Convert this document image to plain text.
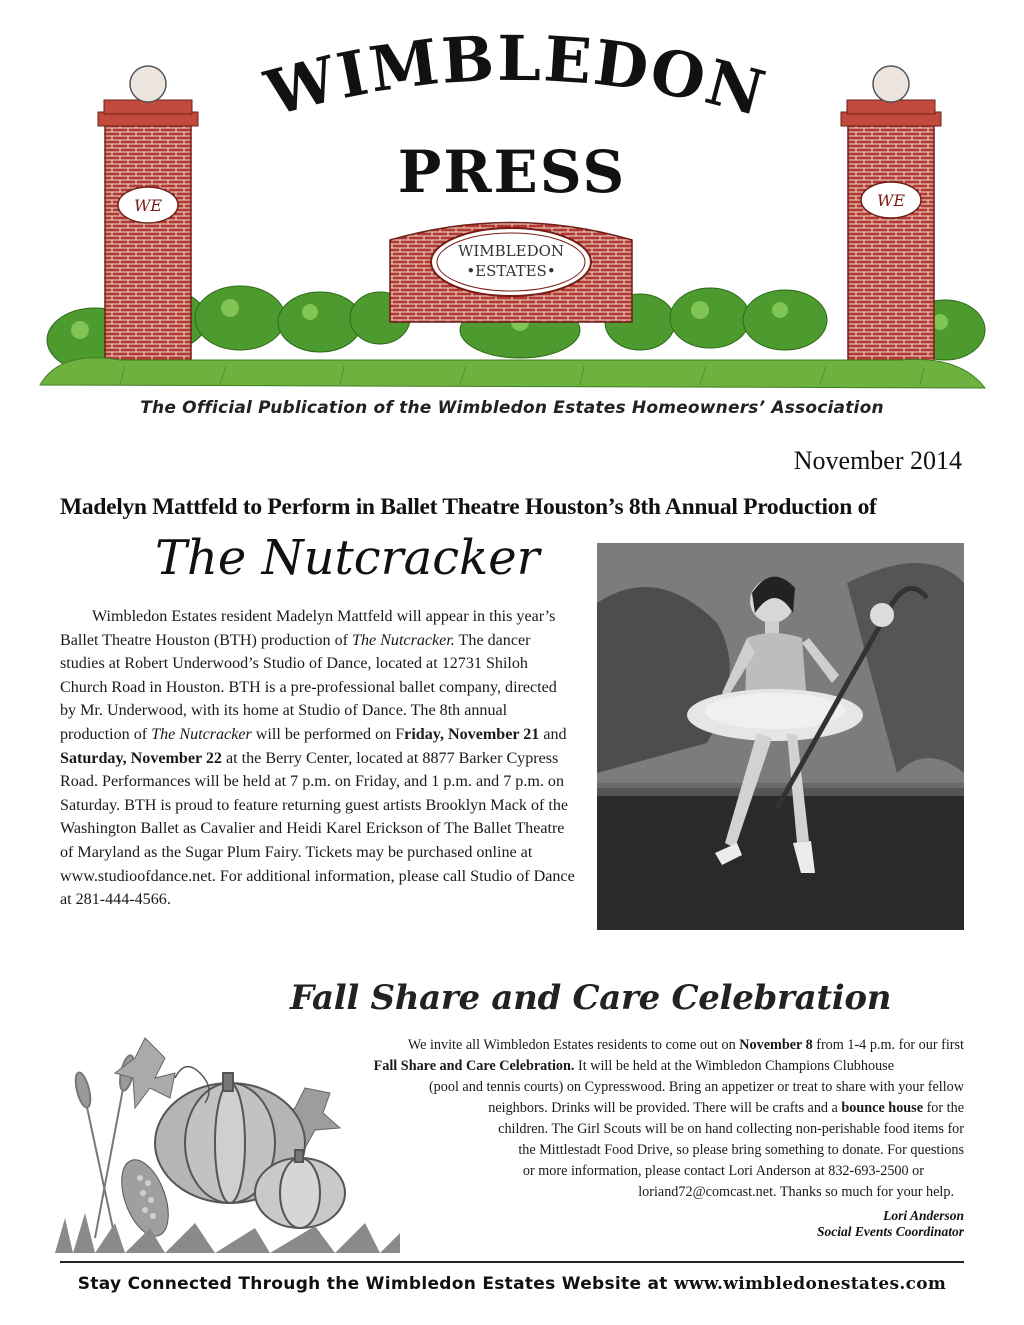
WE	WE
WIMBLEDON
•ESTATES•
WIMBLEDON
PRESS
The Official Publication of the Wimbledon Estates Homeowners’ Association
November 2014
Madelyn Mattfeld to Perform in Ballet Theatre Houston’s 8th Annual Production of
The Nutcracker

Wimbledon Estates resident Madelyn Mattfeld will appear in this year’s Ballet Theatre Houston (BTH) production of The Nutcracker. The dancer studies at Robert Underwood’s Studio of Dance, located at 12731 Shiloh Church Road in Houston. BTH is a pre-professional ballet company, directed by Mr. Underwood, with its home at Studio of Dance. The 8th annual production of The Nutcracker will be performed on Friday, November 21 and Saturday, November 22 at the Berry Center, located at 8877 Barker Cypress Road. Performances will be held at 7 p.m. on Friday, and 1 p.m. and 7 p.m. on Saturday. BTH is proud to feature returning guest artists Brooklyn Mack of the Washington Ballet as Cavalier and Heidi Karel Erickson of The Ballet Theatre of Maryland as the Sugar Plum Fairy. Tickets may be purchased online at www.studioofdance.net. For additional information, please call Studio of Dance at 281-444-4566.

Fall Share and Care Celebration
We invite all Wimbledon Estates residents to come out on November 8 from 1-4 p.m. for our first
Fall Share and Care Celebration. It will be held at the Wimbledon Champions Clubhouse
(pool and tennis courts) on Cypresswood. Bring an appetizer or treat to share with your fellow
neighbors. Drinks will be provided. There will be crafts and a bounce house for the
children. The Girl Scouts will be on hand collecting non-perishable food items for
the Mittlestadt Food Drive, so please bring something to donate. For questions
or more information, please contact Lori Anderson at 832-693-2500 or
loriand72@comcast.net. Thanks so much for your help.
Lori Anderson
Social Events Coordinator
Stay Connected Through the Wimbledon Estates Website at www.wimbledonestates.com
